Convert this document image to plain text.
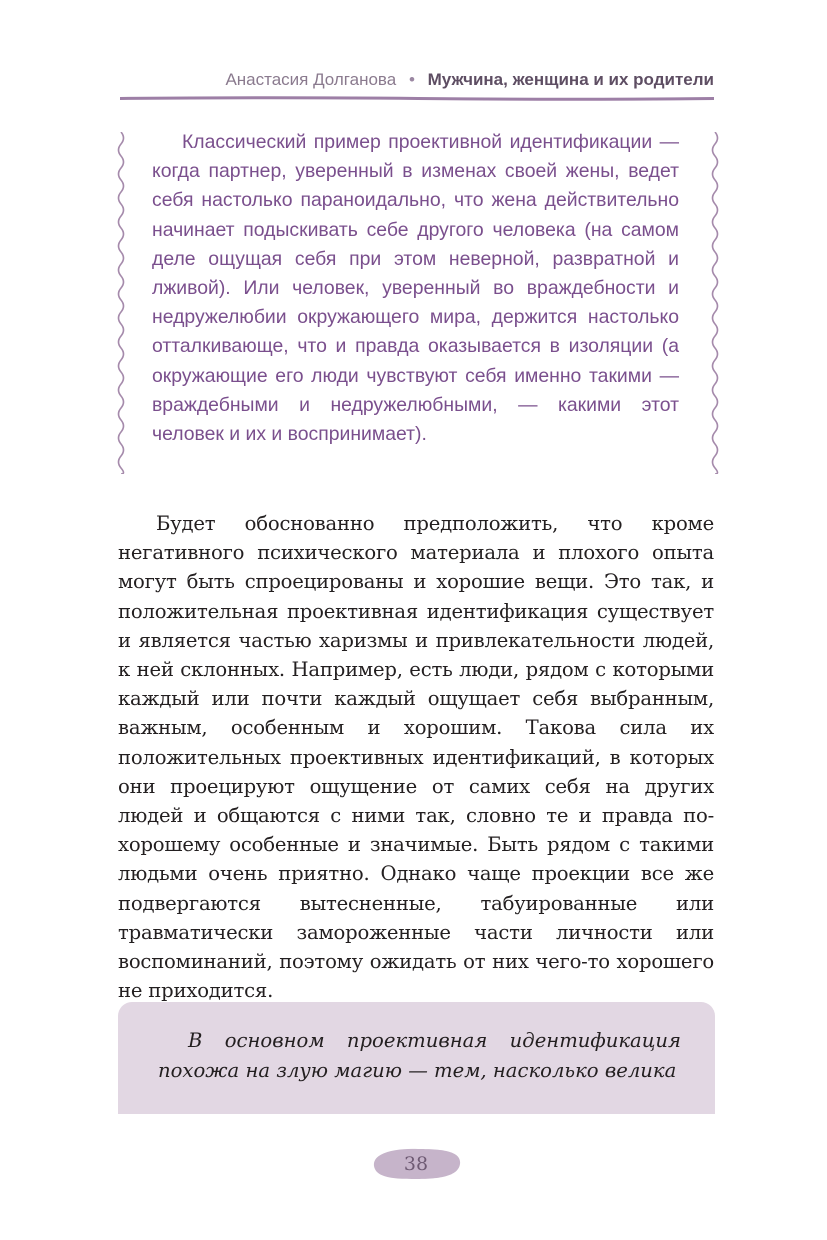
Анастасия Долганова • Мужчина, женщина и их родители

Классический пример проективной идентификации — когда партнер, уверенный в изменах своей жены, ведет себя настолько параноидально, что жена действительно начинает подыскивать себе другого человека (на самом деле ощущая себя при этом неверной, развратной и лживой). Или человек, уверенный во враждебности и недружелюбии окружающего мира, держится настолько отталкивающе, что и правда оказывается в изоляции (а окружающие его люди чувствуют себя именно такими — враждебными и недружелюбными, — какими этот человек и их и воспринимает).

Будет обоснованно предположить, что кроме негативного психического материала и плохого опыта могут быть спроецированы и хорошие вещи. Это так, и положительная проективная идентификация существует и является частью харизмы и привлекательности людей, к ней склонных. Например, есть люди, рядом с которыми каждый или почти каждый ощущает себя выбранным, важным, особенным и хорошим. Такова сила их положительных проективных идентификаций, в которых они проецируют ощущение от самих себя на других людей и общаются с ними так, словно те и правда по-хорошему особенные и значимые. Быть рядом с такими людьми очень приятно. Однако чаще проекции все же подвергаются вытесненные, табуированные или травматически замороженные части личности или воспоминаний, поэтому ожидать от них чего-то хорошего не приходится.

В основном проективная идентификация похожа на злую магию — тем, насколько велика

38
